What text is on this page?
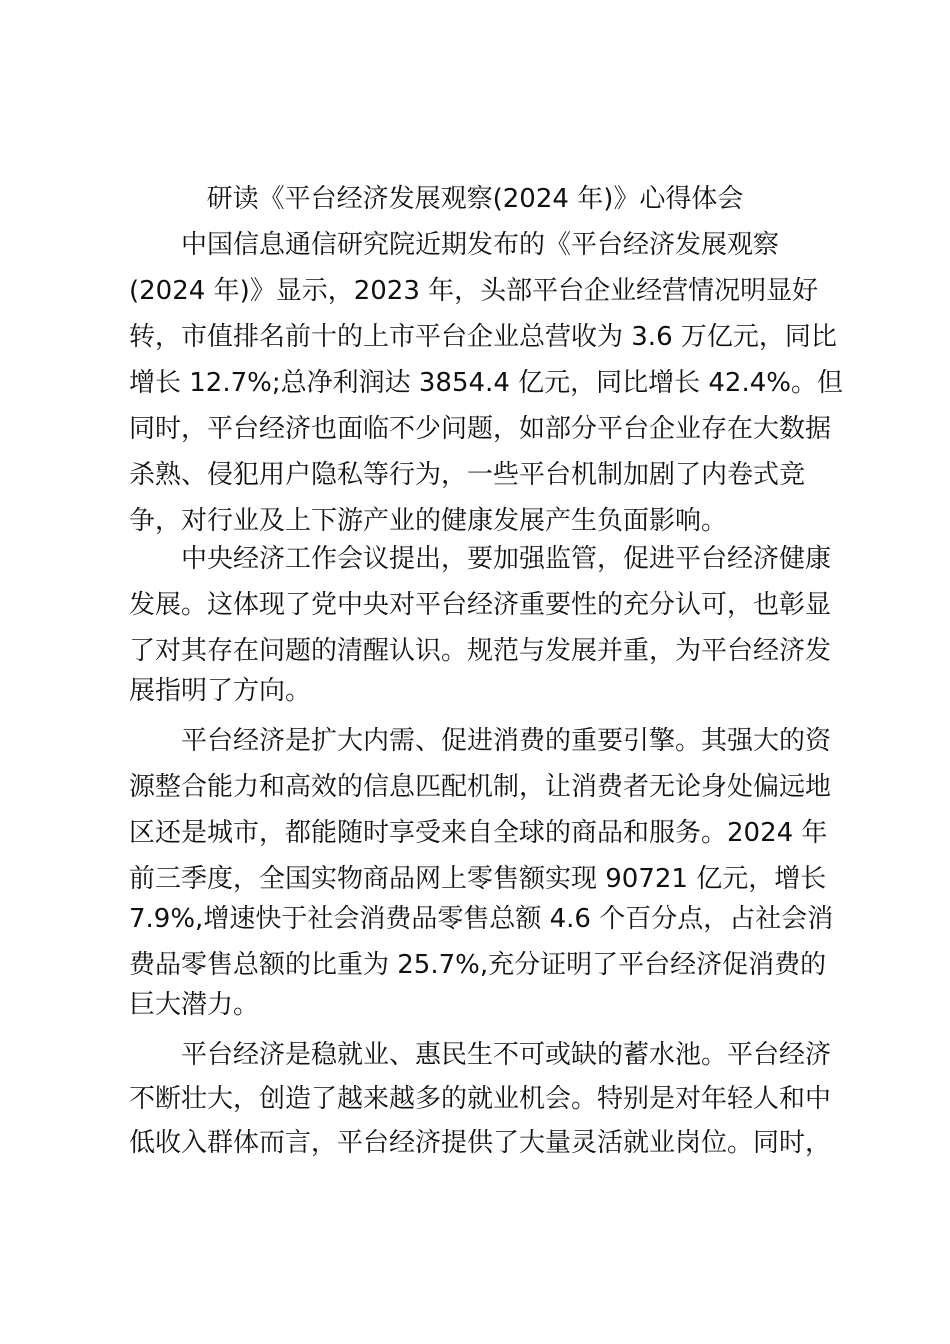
研读《平台经济发展观察(2024 年)》心得体会
中国信息通信研究院近期发布的《平台经济发展观察
(2024 年)》显示，2023 年，头部平台企业经营情况明显好
转，市值排名前十的上市平台企业总营收为 3.6 万亿元，同比
增长 12.7%;总净利润达 3854.4 亿元，同比增长 42.4%。但
同时，平台经济也面临不少问题，如部分平台企业存在大数据
杀熟、侵犯用户隐私等行为，一些平台机制加剧了内卷式竞
争，对行业及上下游产业的健康发展产生负面影响。
中央经济工作会议提出，要加强监管，促进平台经济健康
发展。这体现了党中央对平台经济重要性的充分认可，也彰显
了对其存在问题的清醒认识。规范与发展并重，为平台经济发
展指明了方向。
平台经济是扩大内需、促进消费的重要引擎。其强大的资
源整合能力和高效的信息匹配机制，让消费者无论身处偏远地
区还是城市，都能随时享受来自全球的商品和服务。2024 年
前三季度，全国实物商品网上零售额实现 90721 亿元，增长
7.9%,增速快于社会消费品零售总额 4.6 个百分点，占社会消
费品零售总额的比重为 25.7%,充分证明了平台经济促消费的
巨大潜力。
平台经济是稳就业、惠民生不可或缺的蓄水池。平台经济
不断壮大，创造了越来越多的就业机会。特别是对年轻人和中
低收入群体而言，平台经济提供了大量灵活就业岗位。同时，
